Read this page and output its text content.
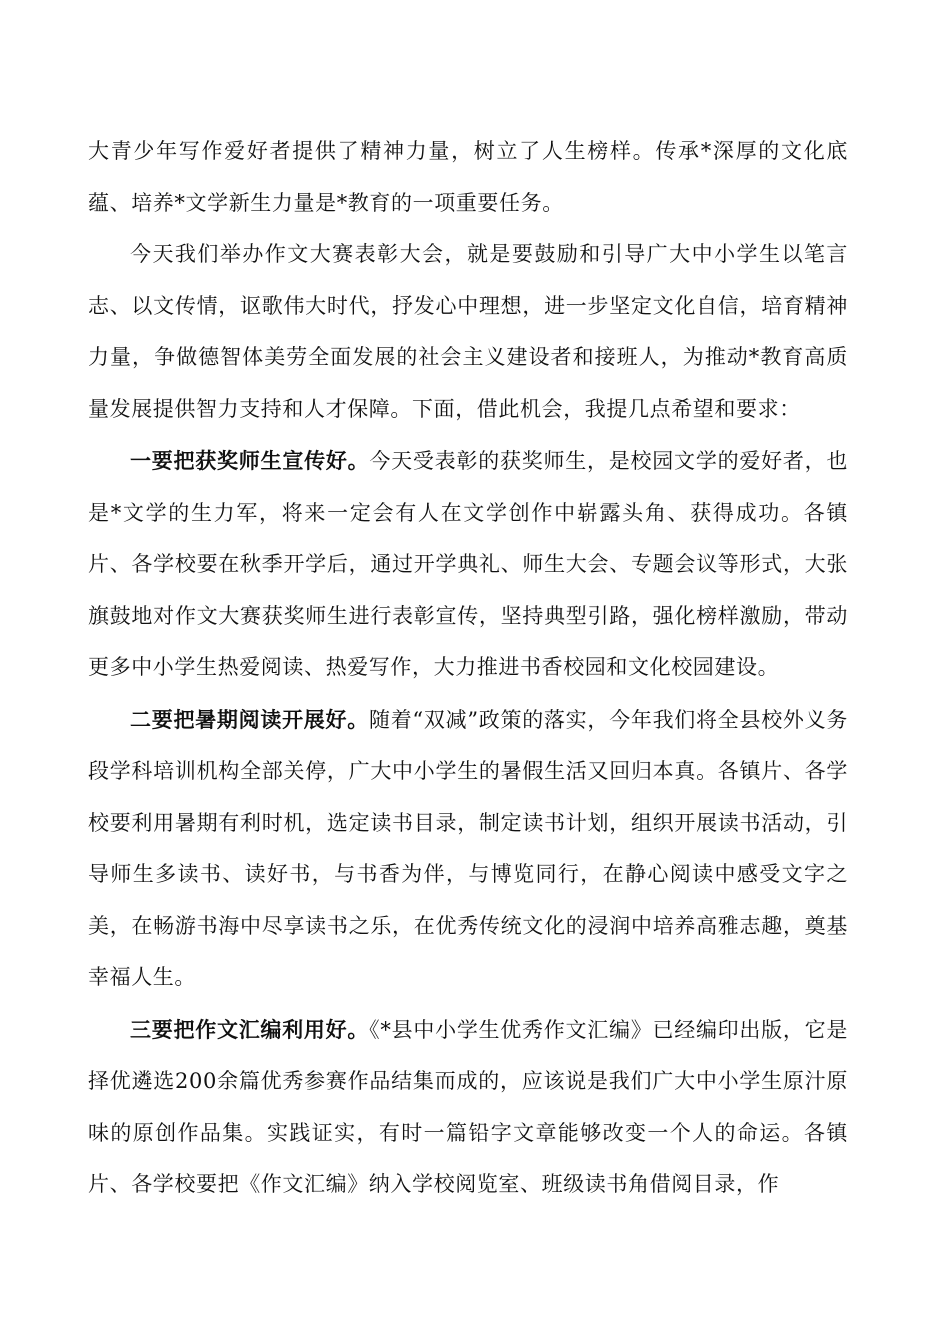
大青少年写作爱好者提供了精神力量，树立了人生榜样。传承*深厚的文化底蕴、培养*文学新生力量是*教育的一项重要任务。

今天我们举办作文大赛表彰大会，就是要鼓励和引导广大中小学生以笔言志、以文传情，讴歌伟大时代，抒发心中理想，进一步坚定文化自信，培育精神力量，争做德智体美劳全面发展的社会主义建设者和接班人，为推动*教育高质量发展提供智力支持和人才保障。下面，借此机会，我提几点希望和要求：

一要把获奖师生宣传好。今天受表彰的获奖师生，是校园文学的爱好者，也是*文学的生力军，将来一定会有人在文学创作中崭露头角、获得成功。各镇片、各学校要在秋季开学后，通过开学典礼、师生大会、专题会议等形式，大张旗鼓地对作文大赛获奖师生进行表彰宣传，坚持典型引路，强化榜样激励，带动更多中小学生热爱阅读、热爱写作，大力推进书香校园和文化校园建设。

二要把暑期阅读开展好。随着“双减”政策的落实，今年我们将全县校外义务段学科培训机构全部关停，广大中小学生的暑假生活又回归本真。各镇片、各学校要利用暑期有利时机，选定读书目录，制定读书计划，组织开展读书活动，引导师生多读书、读好书，与书香为伴，与博览同行，在静心阅读中感受文字之美，在畅游书海中尽享读书之乐，在优秀传统文化的浸润中培养高雅志趣，奠基幸福人生。

三要把作文汇编利用好。《*县中小学生优秀作文汇编》已经编印出版，它是择优遴选200余篇优秀参赛作品结集而成的，应该说是我们广大中小学生原汁原味的原创作品集。实践证实，有时一篇铅字文章能够改变一个人的命运。各镇片、各学校要把《作文汇编》纳入学校阅览室、班级读书角借阅目录，作
